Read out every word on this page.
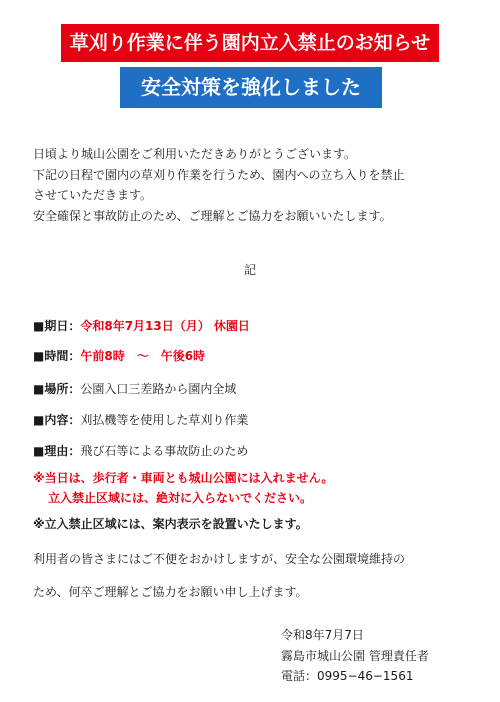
草刈り作業に伴う園内立入禁止のお知らせ
安全対策を強化しました
日頃より城山公園をご利用いただきありがとうございます。
下記の日程で園内の草刈り作業を行うため、園内への立ち入りを禁止
させていただきます。
安全確保と事故防止のため、ご理解とご協力をお願いいたします。
記
■期日：令和8年7月13日（月） 休園日
■時間：午前8時　～　午後6時
■場所：公園入口三差路から園内全域
■内容：刈払機等を使用した草刈り作業
■理由：飛び石等による事故防止のため
※当日は、歩行者・車両とも城山公園には入れません。
立入禁止区域には、絶対に入らないでください。
※立入禁止区域には、案内表示を設置いたします。
利用者の皆さまにはご不便をおかけしますが、安全な公園環境維持の
ため、何卒ご理解とご協力をお願い申し上げます。
令和8年7月7日
霧島市城山公園 管理責任者
電話：0995−46−1561
